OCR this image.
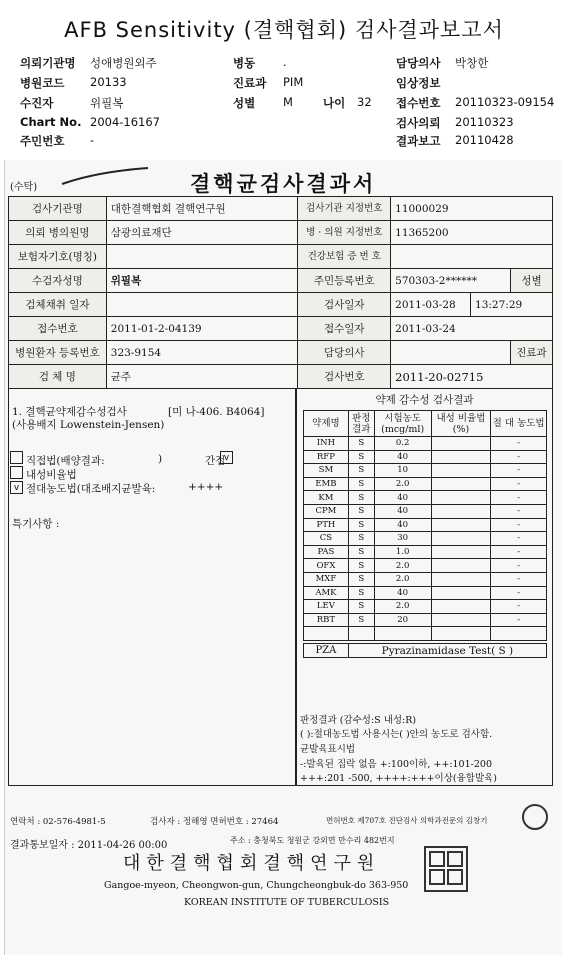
AFB Sensitivity (결핵협회) 검사결과보고서
의뢰기관명 성애병원외주
병원코드 20133
수진자	위필복
Chart No. 2004-16167
주민번호 -
병동 .
진료과 PIM
성별 M	나이 32
담당의사 박창한
임상정보
접수번호 20110323-09154
검사의뢰 20110323
결과보고 20110428
(수탁)	결핵균검사결과서
검사기관명	대한결핵협회 결핵연구원	검사기관 지정번호	11000029		
의뢰 병의원명	삼광의료재단	병 · 의원 지정번호	11365200		
보험자기호(명칭)		건강보험 증 번 호			
수검자성명	위필복	주민등록번호	570303-2******		성별
검체채취 일자		검사일자	2011-03-28	13:27:29	
접수번호	2011-01-2-04139	접수일자	2011-03-24		
병원환자 등록번호	323-9154	담당의사			진료과
검 체 명	균주	검사번호	2011-20-02715		
1. 결핵균약제감수성검사	[미 나-406. B4064]
(사용배지 Lowenstein-Jensen)
직접법(배양결과:	)	간접
v
내성비율법
v 절대농도법(대조배지균발육:	++++
특기사항 :
약제 감수성 검사결과
약제명	판정 결과	시험농도 (mcg/ml)	내성 비율법(%)	절 대 농도법
INH	S	0.2		-
RFP	S	40		-
SM	S	10		-
EMB	S	2.0		-
KM	S	40		-
CPM	S	40		-
PTH	S	40		-
CS	S	30		-
PAS	S	1.0		-
OFX	S	2.0		-
MXF	S	2.0		-
AMK	S	40		-
LEV	S	2.0		-
RBT	S	20		-

PZA	Pyrazinamidase Test( S )
판정결과 (감수성:S 내성:R)
( ):절대농도법 사용시는( )안의 농도로 검사함.
균발육표시법
-:발육된 집락 없음 +:100이하, ++:101-200
+++:201 -500, ++++:+++이상(융합발육)
연락처 : 02-576-4981-5	검사자 : 정해영 면허번호 : 27464	면허번호 제707호 진단검사 의학과전문의 김창기
결과통보일자 : 2011-04-26 00:00	주소 : 충청북도 청원군 강외면 만수리 482번지
대한결핵협회결핵연구원
Gangoe-myeon, Cheongwon-gun, Chungcheongbuk-do 363-950
KOREAN INSTITUTE OF TUBERCULOSIS
